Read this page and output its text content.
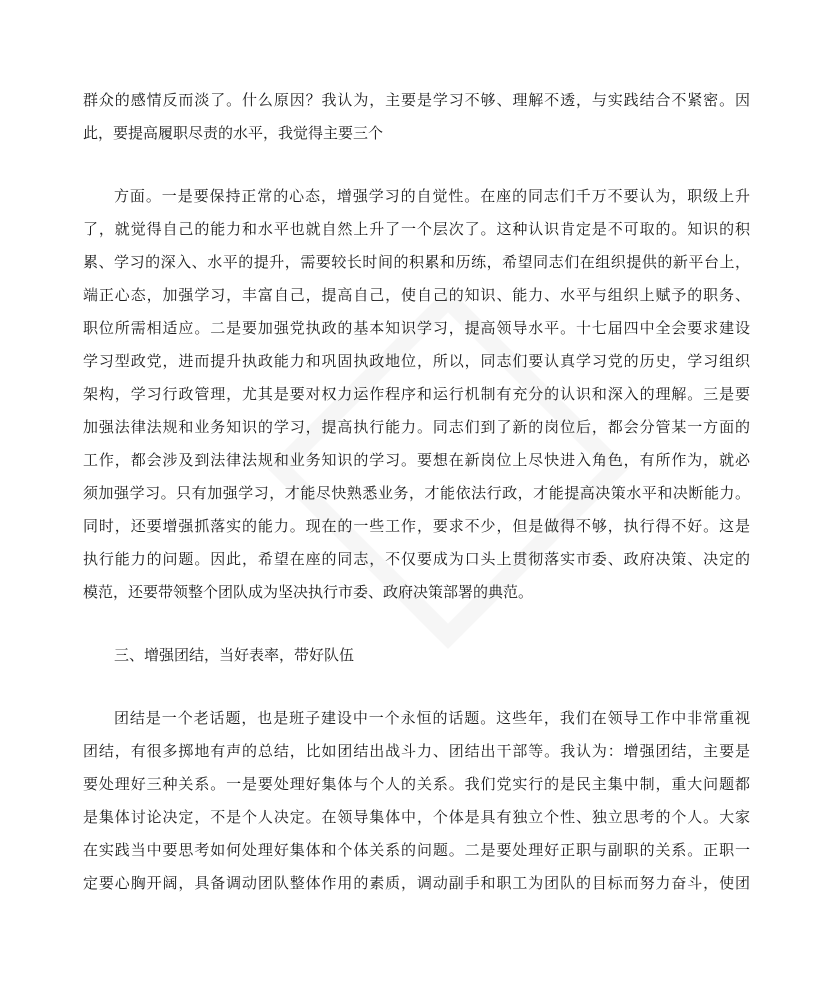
群众的感情反而淡了。什么原因？我认为，主要是学习不够、理解不透，与实践结合不紧密。因
此，要提高履职尽责的水平，我觉得主要三个
方面。一是要保持正常的心态，增强学习的自觉性。在座的同志们千万不要认为，职级上升
了，就觉得自己的能力和水平也就自然上升了一个层次了。这种认识肯定是不可取的。知识的积
累、学习的深入、水平的提升，需要较长时间的积累和历练，希望同志们在组织提供的新平台上，
端正心态，加强学习，丰富自己，提高自己，使自己的知识、能力、水平与组织上赋予的职务、
职位所需相适应。二是要加强党执政的基本知识学习，提高领导水平。十七届四中全会要求建设
学习型政党，进而提升执政能力和巩固执政地位，所以，同志们要认真学习党的历史，学习组织
架构，学习行政管理，尤其是要对权力运作程序和运行机制有充分的认识和深入的理解。三是要
加强法律法规和业务知识的学习，提高执行能力。同志们到了新的岗位后，都会分管某一方面的
工作，都会涉及到法律法规和业务知识的学习。要想在新岗位上尽快进入角色，有所作为，就必
须加强学习。只有加强学习，才能尽快熟悉业务，才能依法行政，才能提高决策水平和决断能力。
同时，还要增强抓落实的能力。现在的一些工作，要求不少，但是做得不够，执行得不好。这是
执行能力的问题。因此，希望在座的同志，不仅要成为口头上贯彻落实市委、政府决策、决定的
模范，还要带领整个团队成为坚决执行市委、政府决策部署的典范。
三、增强团结，当好表率，带好队伍
团结是一个老话题，也是班子建设中一个永恒的话题。这些年，我们在领导工作中非常重视
团结，有很多掷地有声的总结，比如团结出战斗力、团结出干部等。我认为：增强团结，主要是
要处理好三种关系。一是要处理好集体与个人的关系。我们党实行的是民主集中制，重大问题都
是集体讨论决定，不是个人决定。在领导集体中，个体是具有独立个性、独立思考的个人。大家
在实践当中要思考如何处理好集体和个体关系的问题。二是要处理好正职与副职的关系。正职一
定要心胸开阔，具备调动团队整体作用的素质，调动副手和职工为团队的目标而努力奋斗，使团
